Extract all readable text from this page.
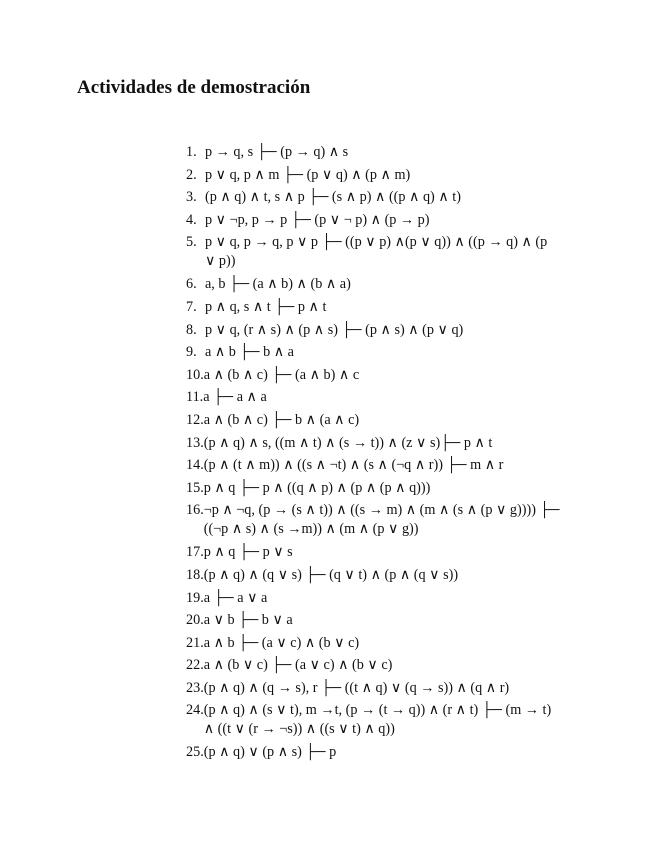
Actividades de demostración
1. p → q, s ├─ (p → q) ∧ s
2. p ∨ q, p ∧ m ├─ (p ∨ q) ∧ (p ∧ m)
3. (p ∧ q) ∧ t, s ∧ p ├─ (s ∧ p) ∧ ((p ∧ q) ∧ t)
4. p ∨ ¬p, p → p ├─ (p ∨ ¬ p) ∧ (p → p)
5. p ∨ q, p → q, p ∨ p ├─ ((p ∨ p) ∧(p ∨ q)) ∧ ((p → q) ∧ (p
∨ p))
6. a, b ├─ (a ∧ b) ∧ (b ∧ a)
7. p ∧ q, s ∧ t ├─ p ∧ t
8. p ∨ q, (r ∧ s) ∧ (p ∧ s) ├─ (p ∧ s) ∧ (p ∨ q)
9. a ∧ b ├─ b ∧ a
10. a ∧ (b ∧ c) ├─ (a ∧ b) ∧ c
11. a ├─ a ∧ a
12. a ∧ (b ∧ c) ├─ b ∧ (a ∧ c)
13. (p ∧ q) ∧ s, ((m ∧ t) ∧ (s → t)) ∧ (z ∨ s)├─ p ∧ t
14. (p ∧ (t ∧ m)) ∧ ((s ∧ ¬t) ∧ (s ∧ (¬q ∧ r)) ├─ m ∧ r
15. p ∧ q ├─ p ∧ ((q ∧ p) ∧ (p ∧ (p ∧ q)))
16. ¬p ∧ ¬q, (p → (s ∧ t)) ∧ ((s → m) ∧ (m ∧ (s ∧ (p ∨ g)))) ├─
((¬p ∧ s) ∧ (s →m)) ∧ (m ∧ (p ∨ g))
17. p ∧ q ├─ p ∨ s
18. (p ∧ q) ∧ (q ∨ s) ├─ (q ∨ t) ∧ (p ∧ (q ∨ s))
19. a ├─ a ∨ a
20. a ∨ b ├─ b ∨ a
21. a ∧ b ├─ (a ∨ c) ∧ (b ∨ c)
22. a ∧ (b ∨ c) ├─ (a ∨ c) ∧ (b ∨ c)
23. (p ∧ q) ∧ (q → s), r ├─ ((t ∧ q) ∨ (q → s)) ∧ (q ∧ r)
24. (p ∧ q) ∧ (s ∨ t), m →t, (p → (t → q)) ∧ (r ∧ t) ├─ (m → t)
∧ ((t ∨ (r → ¬s)) ∧ ((s ∨ t) ∧ q))
25. (p ∧ q) ∨ (p ∧ s) ├─ p
